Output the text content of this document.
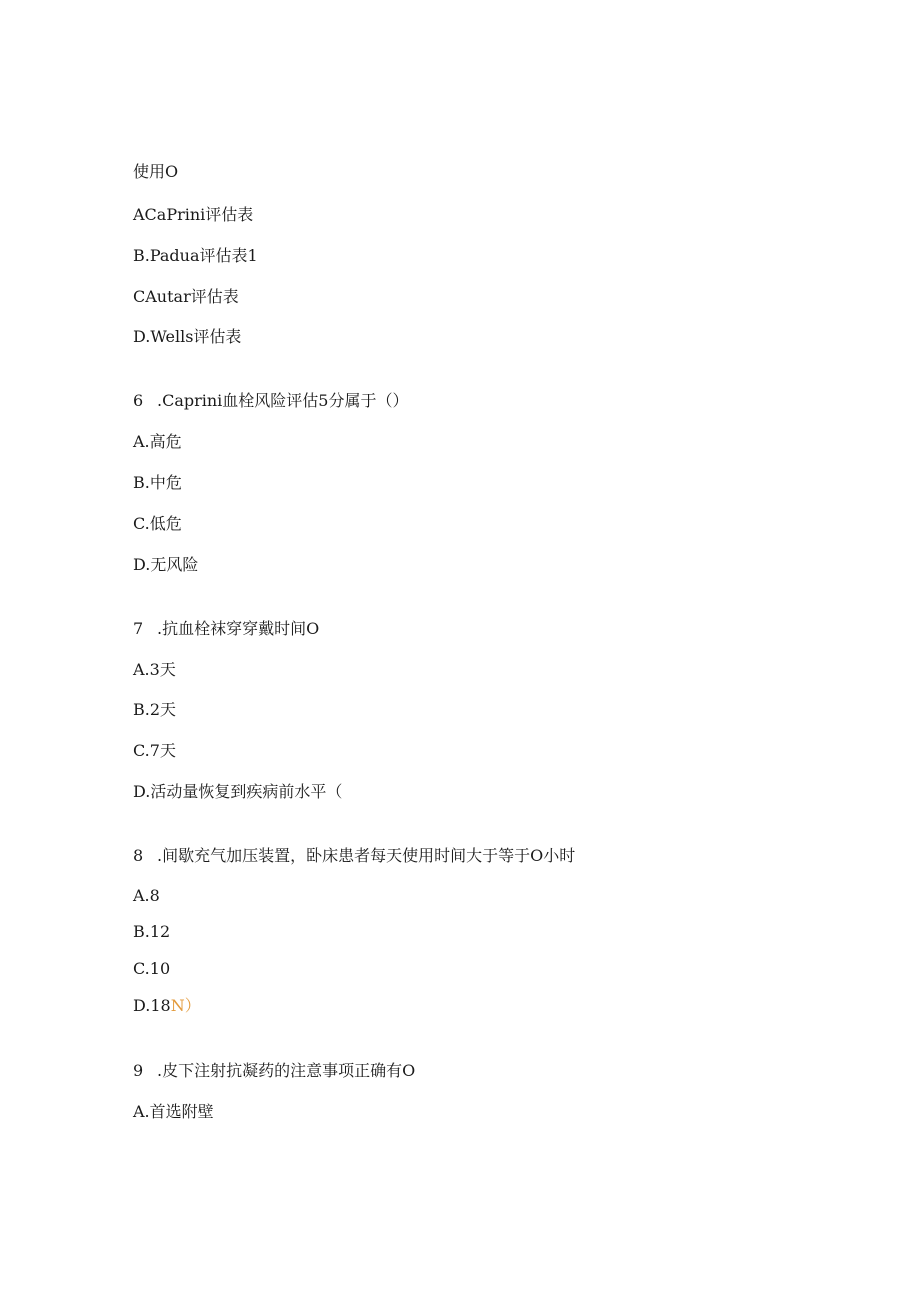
使用O
ACaPrini评估表
B.Padua评估表1
CAutar评估表
D.Wells评估表
6 .Caprini血栓风险评估5分属于（）
A.高危
B.中危
C.低危
D.无风险
7 .抗血栓袜穿穿戴时间O
A.3天
B.2天
C.7天
D.活动量恢复到疾病前水平（
8 .间歇充气加压装置，卧床患者每天使用时间大于等于O小时
A.8
B.12
C.10
D.18N）
9 .皮下注射抗凝药的注意事项正确有O
A.首选附壁
